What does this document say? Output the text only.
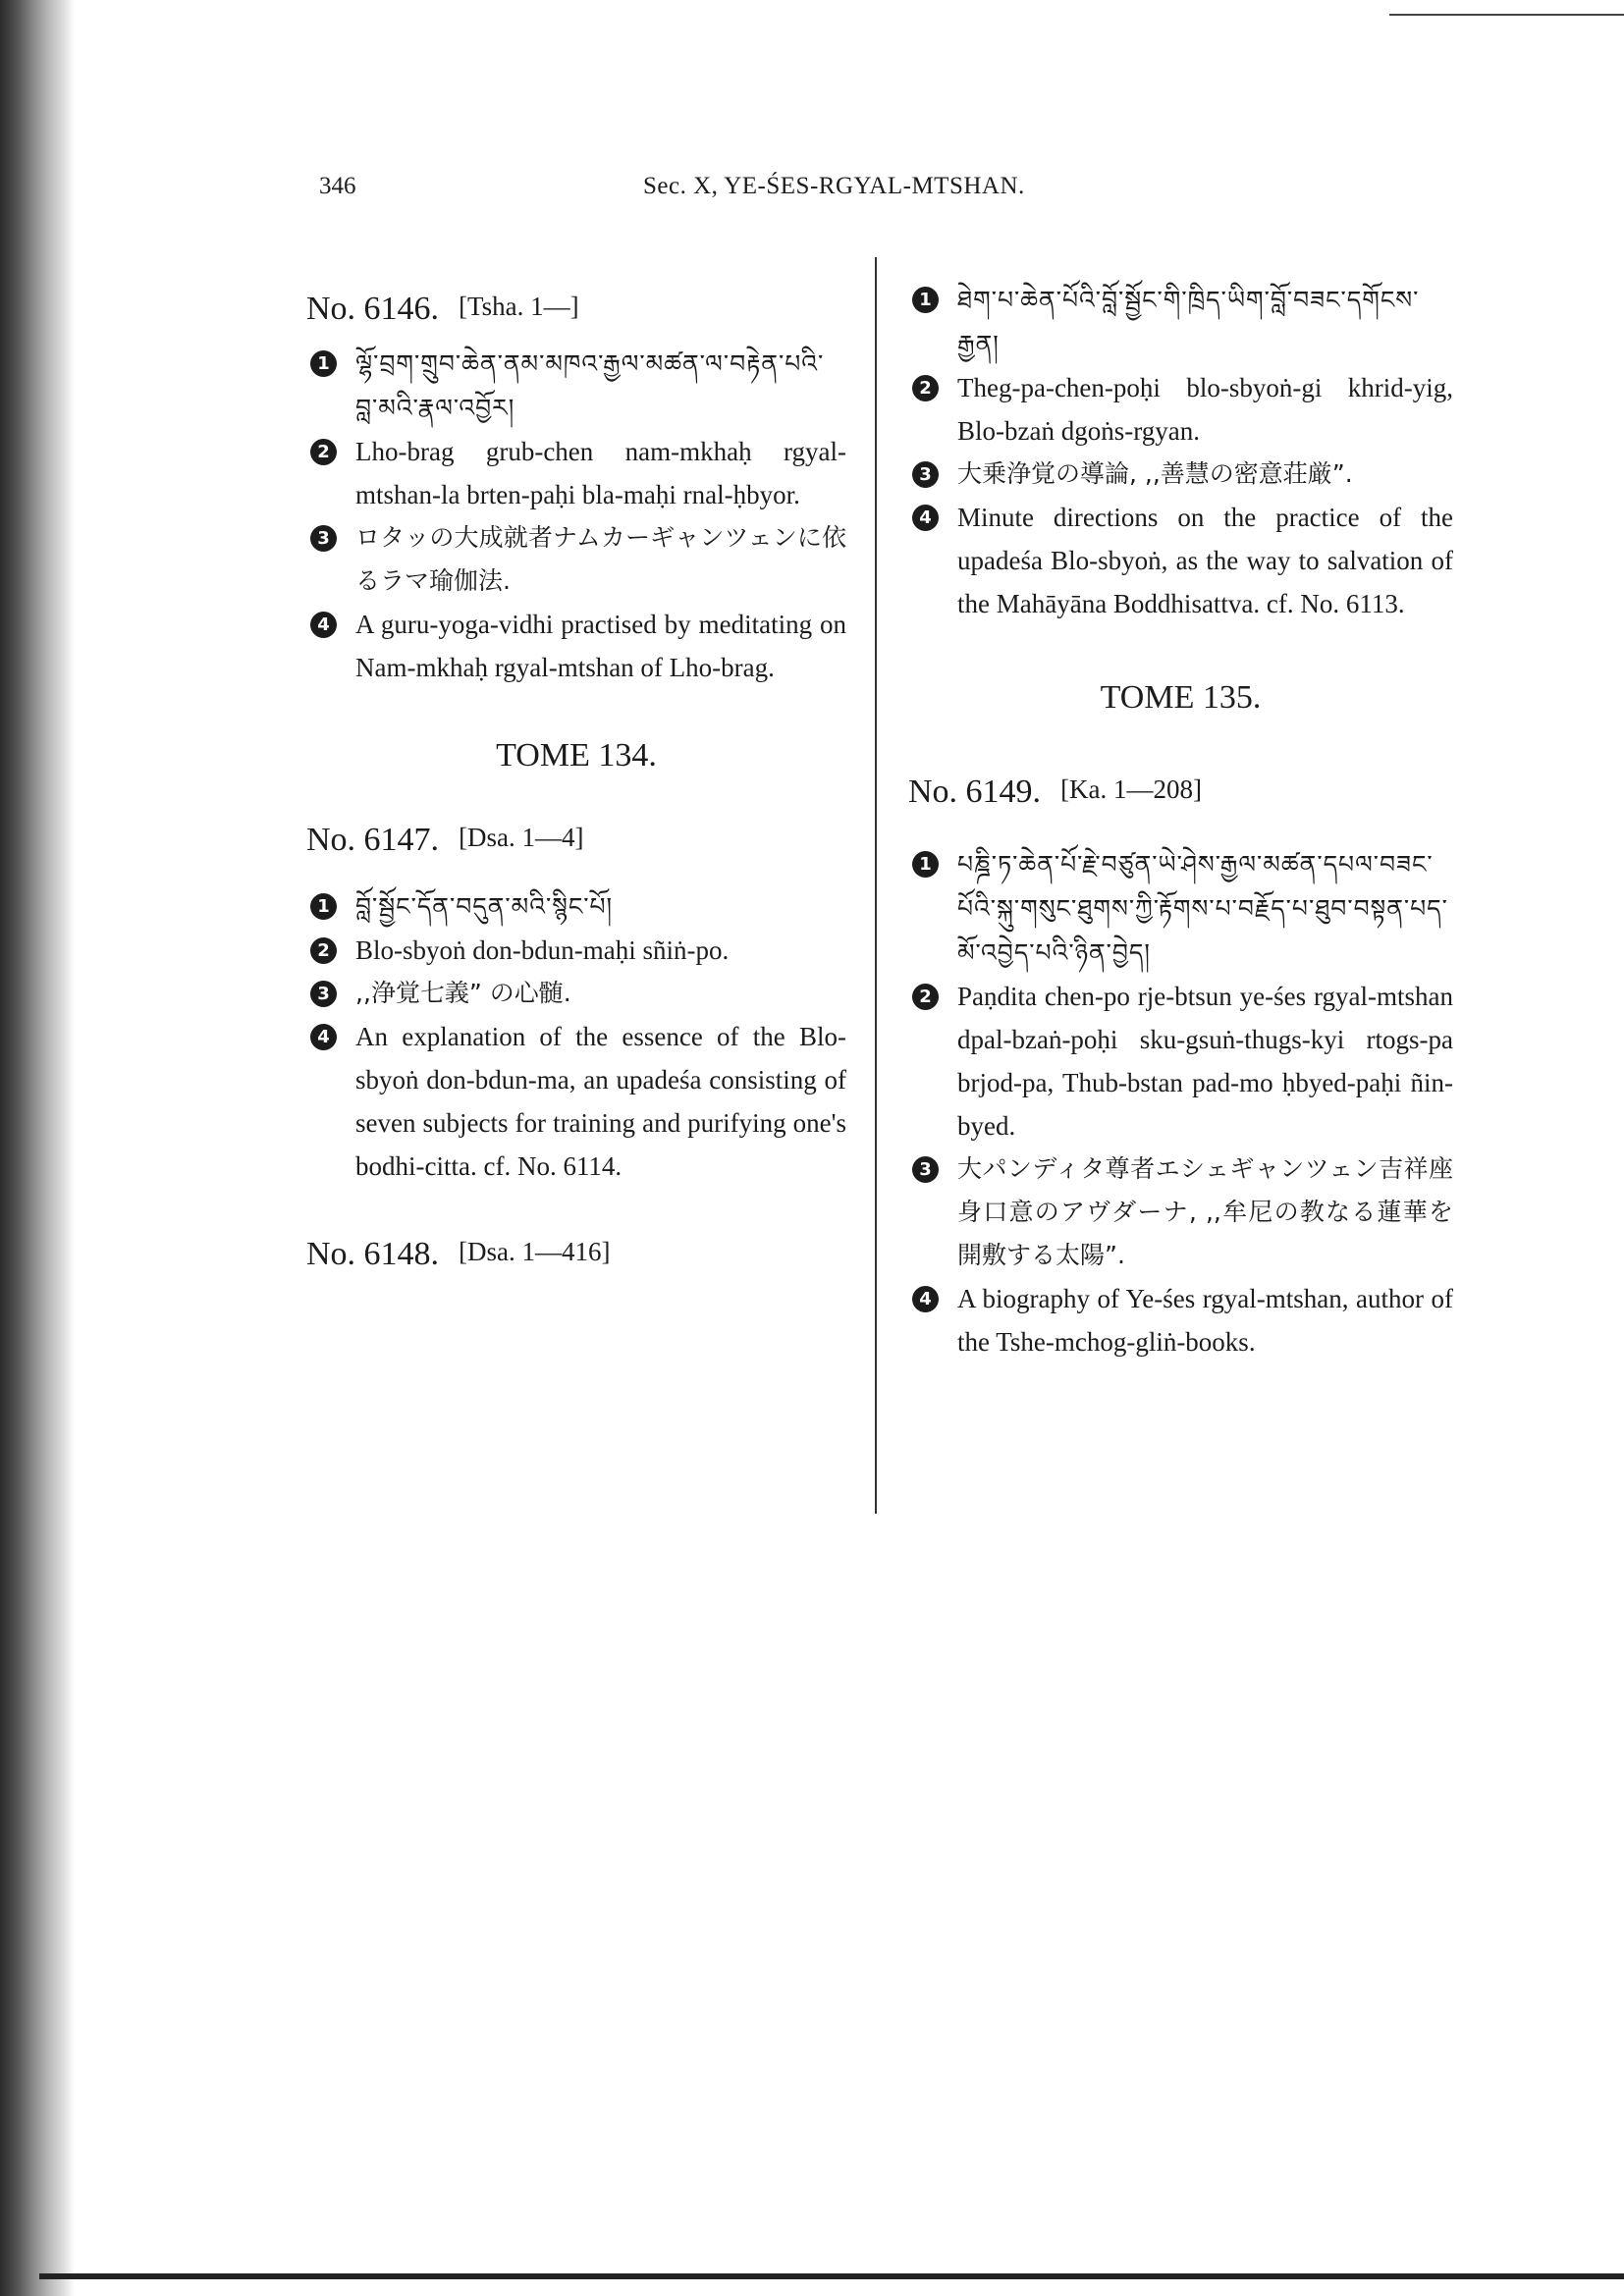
346	Sec. X, YE-ŚES-RGYAL-MTSHAN.

No. 6146. [Tsha. 1—]

1 ལྷོ་བྲག་གྲུབ་ཆེན་ནམ་མཁའ་རྒྱལ་མཚན་ལ་བརྟེན་པའི་བླ་མའི་རྣལ་འབྱོར།
2 Lho-brag grub-chen nam-mkhaḥ rgyal-mtshan-la brten-paḥi bla-maḥi rnal-ḥbyor.
3 ロタッの大成就者ナムカーギャンツェンに依るラマ瑜伽法.
4 A guru-yoga-vidhi practised by meditating on Nam-mkhaḥ rgyal-mtshan of Lho-brag.
TOME 134.

No. 6147. [Dsa. 1—4]

1 བློ་སྦྱོང་དོན་བདུན་མའི་སྙིང་པོ།
2 Blo-sbyoṅ don-bdun-maḥi sñiṅ-po.
3 ,,浄覚七義” の心髄.
4 An explanation of the essence of the Blo-sbyoṅ don-bdun-ma, an upadeśa consisting of seven subjects for training and purifying one's bodhi-citta. cf. No. 6114.

No. 6148. [Dsa. 1—416]

1 ཐེག་པ་ཆེན་པོའི་བློ་སྦྱོང་གི་ཁྲིད་ཡིག་བློ་བཟང་དགོངས་རྒྱན།
2 Theg-pa-chen-poḥi blo-sbyoṅ-gi khrid-yig, Blo-bzaṅ dgoṅs-rgyan.
3 大乗浄覚の導論, ,,善慧の密意荘厳”.
4 Minute directions on the practice of the upadeśa Blo-sbyoṅ, as the way to salvation of the Mahāyāna Boddhisattva. cf. No. 6113.
TOME 135.

No. 6149. [Ka. 1—208]

1 པཎྜི་ཏ་ཆེན་པོ་རྗེ་བཙུན་ཡེ་ཤེས་རྒྱལ་མཚན་དཔལ་བཟང་པོའི་སྐུ་གསུང་ཐུགས་ཀྱི་རྟོགས་པ་བརྗོད་པ་ཐུབ་བསྟན་པད་མོ་འབྱེད་པའི་ཉིན་བྱེད།
2 Paṇdita chen-po rje-btsun ye-śes rgyal-mtshan dpal-bzaṅ-poḥi sku-gsuṅ-thugs-kyi rtogs-pa brjod-pa, Thub-bstan pad-mo ḥbyed-paḥi ñin-byed.
3 大パンディタ尊者エシェギャンツェン吉祥座身口意のアヴダーナ, ,,牟尼の教なる蓮華を開敷する太陽”.
4 A biography of Ye-śes rgyal-mtshan, author of the Tshe-mchog-gliṅ-books.
